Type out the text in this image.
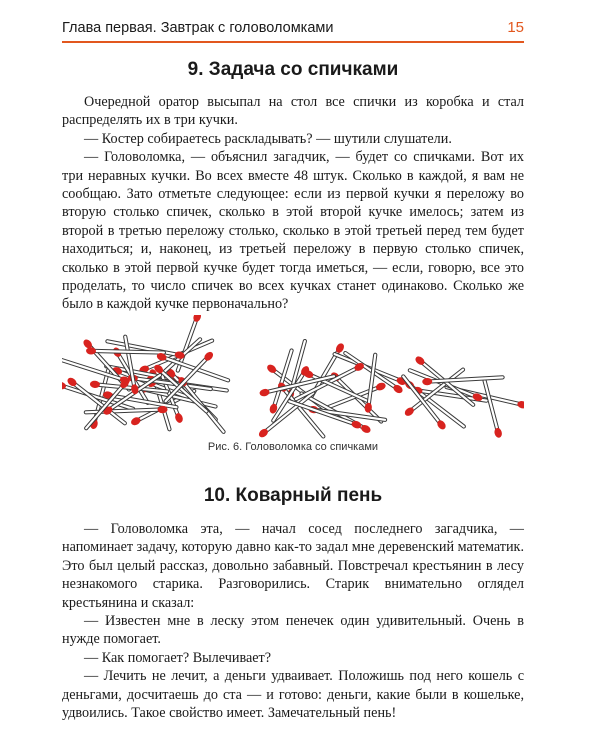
Глава первая. Завтрак с головоломками	15
9. Задача со спичками

Очередной оратор высыпал на стол все спички из коробка и стал распределять их в три кучки.

— Костер собираетесь раскладывать? — шутили слушатели.

— Головоломка, — объяснил загадчик, — будет со спичками. Вот их три неравных кучки. Во всех вместе 48 штук. Сколько в каждой, я вам не сообщаю. Зато отметьте следующее: если из первой кучки я переложу во вторую столько спичек, сколько в этой второй кучке имелось; затем из второй в третью переложу столько, сколько в этой третьей перед тем будет находиться; и, наконец, из третьей переложу в первую столько спичек, сколько в этой первой кучке будет тогда иметься, — если, говорю, все это проделать, то число спичек во всех кучках станет одинаково. Сколько же было в каждой кучке первоначально?

Рис. 6. Головоломка со спичками
10. Коварный пень

— Головоломка эта, — начал сосед последнего загадчика, — напоминает задачу, которую давно как-то задал мне деревенский математик. Это был целый рассказ, довольно забавный. Повстречал крестьянин в лесу незнакомого старика. Разговорились. Старик внимательно оглядел крестьянина и сказал:

— Известен мне в леску этом пенечек один удивительный. Очень в нужде помогает.

— Как помогает? Вылечивает?

— Лечить не лечит, а деньги удваивает. Положишь под него кошель с деньгами, досчитаешь до ста — и готово: деньги, какие были в кошельке, удвоились. Такое свойство имеет. Замечательный пень!
